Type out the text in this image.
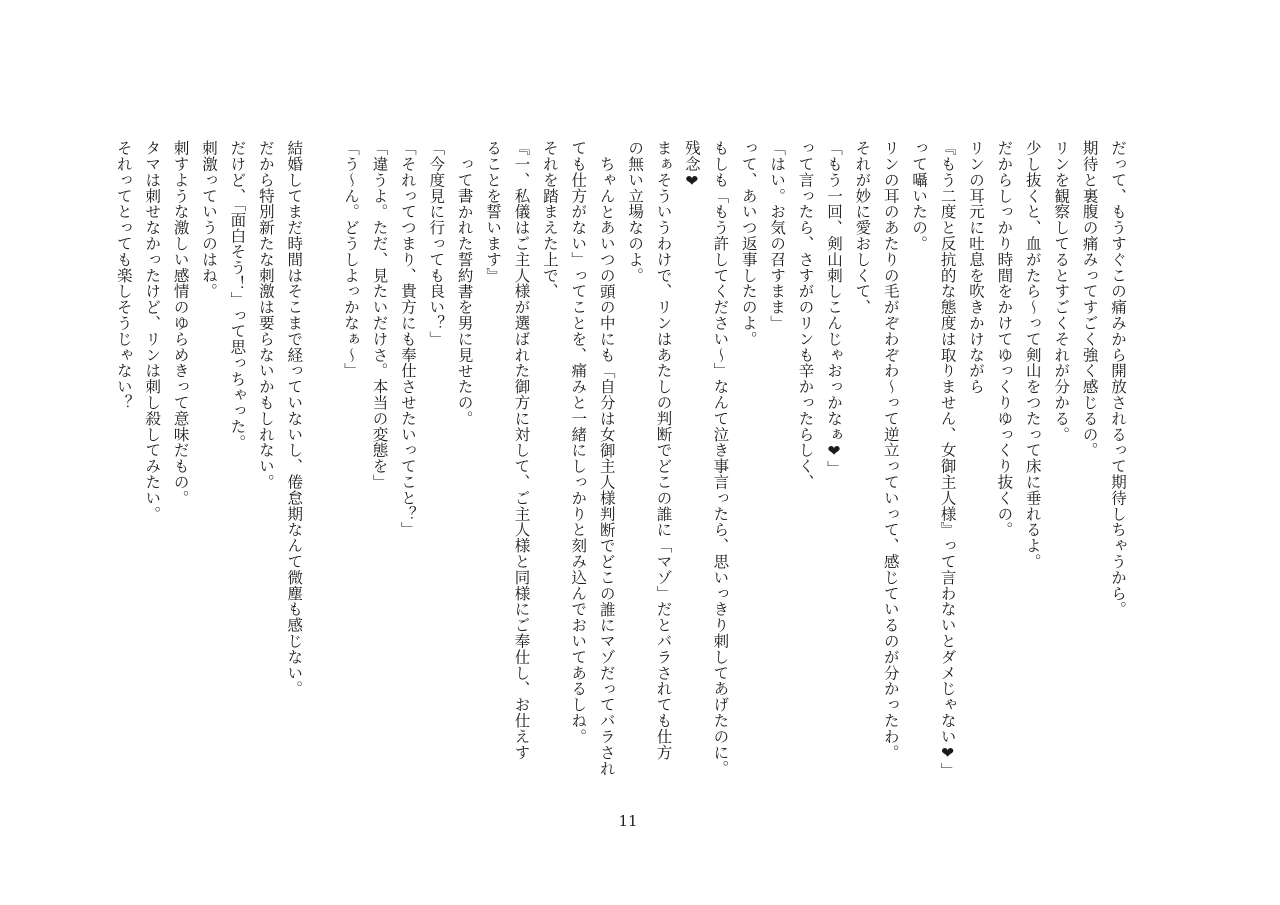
だって、もうすぐこの痛みから開放されるって期待しちゃうから。
期待と裏腹の痛みってすごく強く感じるの。
リンを観察してるとすごくそれが分かる。
少し抜くと、血がたら〜って剣山をつたって床に垂れるよ。
だからしっかり時間をかけてゆっくりゆっくり抜くの。
リンの耳元に吐息を吹きかけながら
『もう二度と反抗的な態度は取りません、女御主人様』って言わないとダメじゃない❤」
って囁いたの。
リンの耳のあたりの毛がぞわぞわ〜って逆立っていって、感じているのが分かったわ。
それが妙に愛おしくて、
「もう一回、剣山刺しこんじゃおっかなぁ❤」
って言ったら、さすがのリンも辛かったらしく、
「はい。お気の召すまま」
って、あいつ返事したのよ。
もしも「もう許してください〜」なんて泣き事言ったら、思いっきり刺してあげたのに。
残念❤
まぁそういうわけで、リンはあたしの判断でどこの誰に「マゾ」だとバラされても仕方
の無い立場なのよ。
ちゃんとあいつの頭の中にも「自分は女御主人様判断でどこの誰にマゾだってバラされ
ても仕方がない」ってことを、痛みと一緒にしっかりと刻み込んでおいてあるしね。
それを踏まえた上で、
『一、私儀はご主人様が選ばれた御方に対して、ご主人様と同様にご奉仕し、お仕えす
ることを誓います』
って書かれた誓約書を男に見せたの。
「今度見に行っても良い？」
「それってつまり、貴方にも奉仕させたいってこと？」
「違うよ。ただ、見たいだけさ。本当の変態を」
「う〜ん。どうしよっかなぁ〜」
結婚してまだ時間はそこまで経っていないし、倦怠期なんて微塵も感じない。
だから特別新たな刺激は要らないかもしれない。
だけど、「面白そう！」って思っちゃった。
刺激っていうのはね。
刺すような激しい感情のゆらめきって意味だもの。
タマは刺せなかったけど、リンは刺し殺してみたい。
それってとっても楽しそうじゃない？
11
